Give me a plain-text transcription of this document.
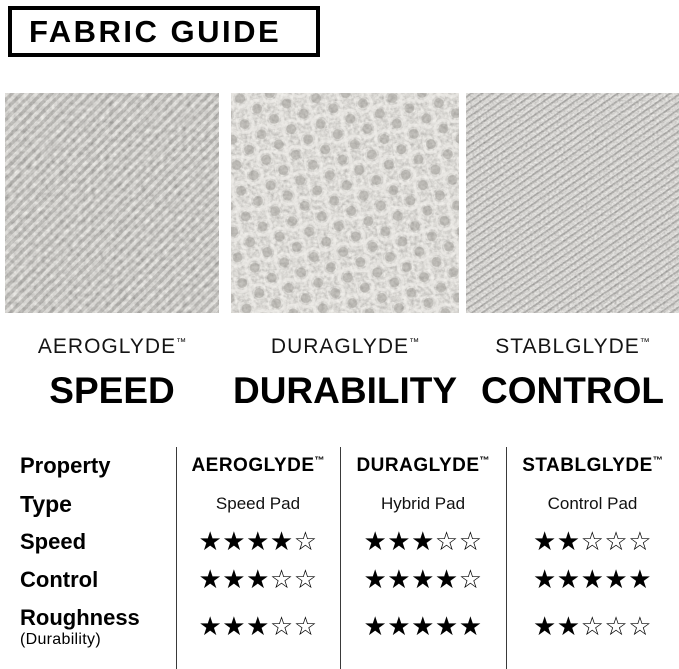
FABRIC GUIDE
AEROGLYDE™	DURAGLYDE™	STABLGLYDE™
SPEED	DURABILITY CONTROL
Property	AEROGLYDE™	DURAGLYDE™	STABLGLYDE™
Type	Speed Pad	Hybrid Pad	Control Pad
Speed	★★★★☆	★★★☆☆	★★☆☆☆
Control	★★★☆☆	★★★★☆	★★★★★
Roughness
(Durability)	★★★☆☆	★★★★★	★★☆☆☆
